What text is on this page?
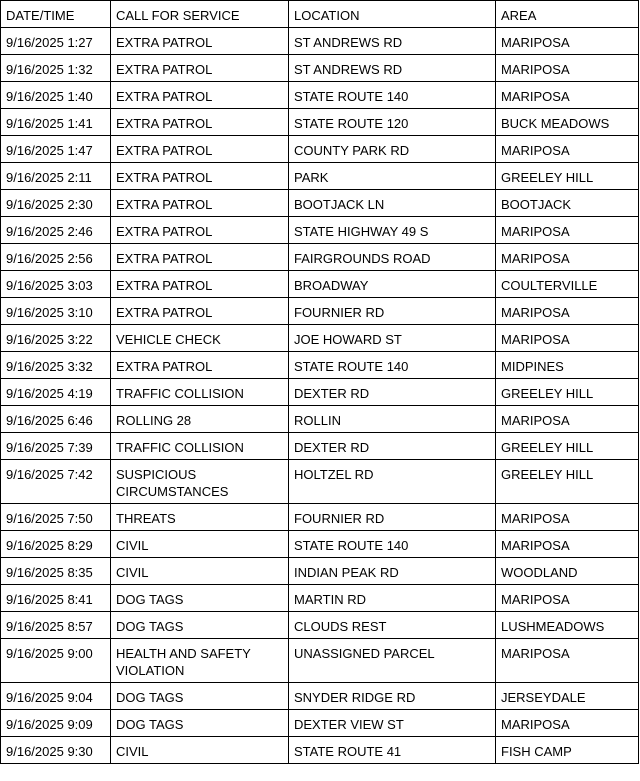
DATE/TIME	CALL FOR SERVICE	LOCATION	AREA
9/16/2025 1:27	EXTRA PATROL	ST ANDREWS RD	MARIPOSA
9/16/2025 1:32	EXTRA PATROL	ST ANDREWS RD	MARIPOSA
9/16/2025 1:40	EXTRA PATROL	STATE ROUTE 140	MARIPOSA
9/16/2025 1:41	EXTRA PATROL	STATE ROUTE 120	BUCK MEADOWS
9/16/2025 1:47	EXTRA PATROL	COUNTY PARK RD	MARIPOSA
9/16/2025 2:11	EXTRA PATROL	PARK	GREELEY HILL
9/16/2025 2:30	EXTRA PATROL	BOOTJACK LN	BOOTJACK
9/16/2025 2:46	EXTRA PATROL	STATE HIGHWAY 49 S	MARIPOSA
9/16/2025 2:56	EXTRA PATROL	FAIRGROUNDS ROAD	MARIPOSA
9/16/2025 3:03	EXTRA PATROL	BROADWAY	COULTERVILLE
9/16/2025 3:10	EXTRA PATROL	FOURNIER RD	MARIPOSA
9/16/2025 3:22	VEHICLE CHECK	JOE HOWARD ST	MARIPOSA
9/16/2025 3:32	EXTRA PATROL	STATE ROUTE 140	MIDPINES
9/16/2025 4:19	TRAFFIC COLLISION	DEXTER RD	GREELEY HILL
9/16/2025 6:46	ROLLING 28	ROLLIN	MARIPOSA
9/16/2025 7:39	TRAFFIC COLLISION	DEXTER RD	GREELEY HILL
9/16/2025 7:42	SUSPICIOUS CIRCUMSTANCES	HOLTZEL RD	GREELEY HILL
9/16/2025 7:50	THREATS	FOURNIER RD	MARIPOSA
9/16/2025 8:29	CIVIL	STATE ROUTE 140	MARIPOSA
9/16/2025 8:35	CIVIL	INDIAN PEAK RD	WOODLAND
9/16/2025 8:41	DOG TAGS	MARTIN RD	MARIPOSA
9/16/2025 8:57	DOG TAGS	CLOUDS REST	LUSHMEADOWS
9/16/2025 9:00	HEALTH AND SAFETY VIOLATION	UNASSIGNED PARCEL	MARIPOSA
9/16/2025 9:04	DOG TAGS	SNYDER RIDGE RD	JERSEYDALE
9/16/2025 9:09	DOG TAGS	DEXTER VIEW ST	MARIPOSA
9/16/2025 9:30	CIVIL	STATE ROUTE 41	FISH CAMP
